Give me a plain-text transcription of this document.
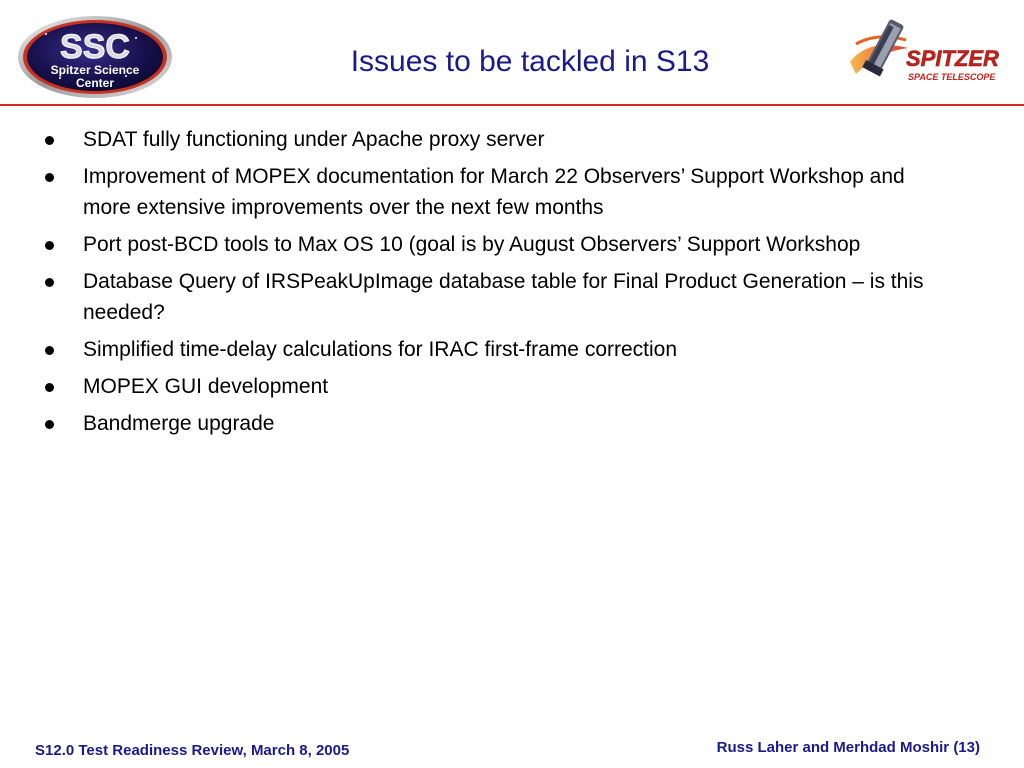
SSC
Spitzer Science
Center
Issues to be tackled in S13	SPITZER
SPACE TELESCOPE
SDAT fully functioning under Apache proxy server
Improvement of MOPEX documentation for March 22 Observers’ Support Workshop and more extensive improvements over the next few months
Port post-BCD tools to Max OS 10 (goal is by August Observers’ Support Workshop
Database Query of IRSPeakUpImage database table for Final Product Generation – is this needed?
Simplified time-delay calculations for IRAC first-frame correction
MOPEX GUI development
Bandmerge upgrade
S12.0 Test Readiness Review, March 8, 2005	Russ Laher and Merhdad Moshir (13)
